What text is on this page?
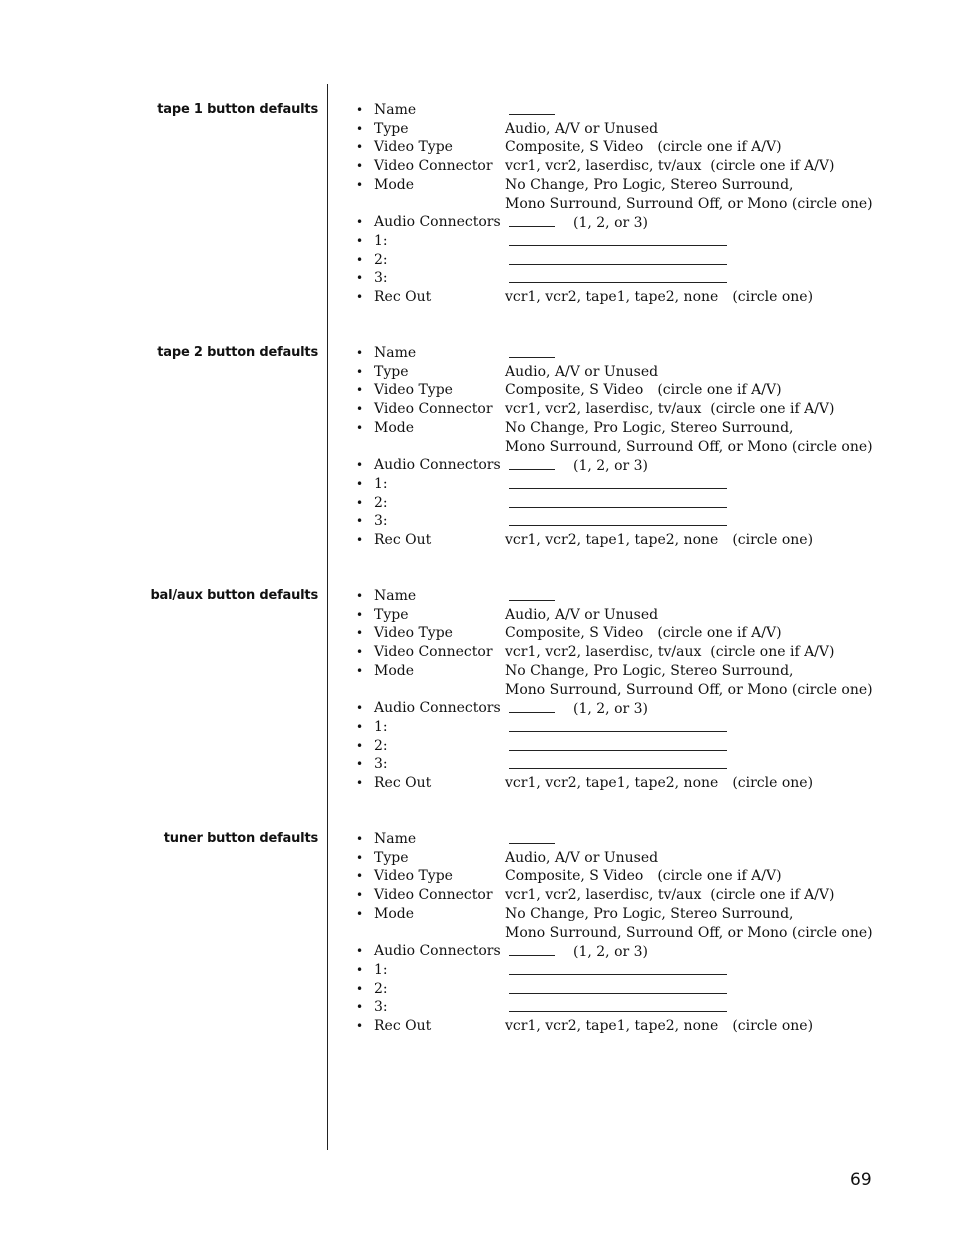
tape 1 button defaults	• Name
• Type	Audio, A/V or Unused
• Video Type	Composite, S Video (circle one if A/V)
• Video Connector vcr1, vcr2, laserdisc, tv/aux (circle one if A/V)
• Mode	No Change, Pro Logic, Stereo Surround,
Mono Surround, Surround Off, or Mono (circle one)
• Audio Connectors	(1, 2, or 3)
• 1:
• 2:
• 3:
• Rec Out	vcr1, vcr2, tape1, tape2, none (circle one)
tape 2 button defaults	• Name
• Type	Audio, A/V or Unused
• Video Type	Composite, S Video (circle one if A/V)
• Video Connector vcr1, vcr2, laserdisc, tv/aux (circle one if A/V)
• Mode	No Change, Pro Logic, Stereo Surround,
Mono Surround, Surround Off, or Mono (circle one)
• Audio Connectors	(1, 2, or 3)
• 1:
• 2:
• 3:
• Rec Out	vcr1, vcr2, tape1, tape2, none (circle one)
bal/aux button defaults	• Name
• Type	Audio, A/V or Unused
• Video Type	Composite, S Video (circle one if A/V)
• Video Connector vcr1, vcr2, laserdisc, tv/aux (circle one if A/V)
• Mode	No Change, Pro Logic, Stereo Surround,
Mono Surround, Surround Off, or Mono (circle one)
• Audio Connectors	(1, 2, or 3)
• 1:
• 2:
• 3:
• Rec Out	vcr1, vcr2, tape1, tape2, none (circle one)
tuner button defaults	• Name
• Type	Audio, A/V or Unused
• Video Type	Composite, S Video (circle one if A/V)
• Video Connector vcr1, vcr2, laserdisc, tv/aux (circle one if A/V)
• Mode	No Change, Pro Logic, Stereo Surround,
Mono Surround, Surround Off, or Mono (circle one)
• Audio Connectors	(1, 2, or 3)
• 1:
• 2:
• 3:
• Rec Out	vcr1, vcr2, tape1, tape2, none (circle one)
69
